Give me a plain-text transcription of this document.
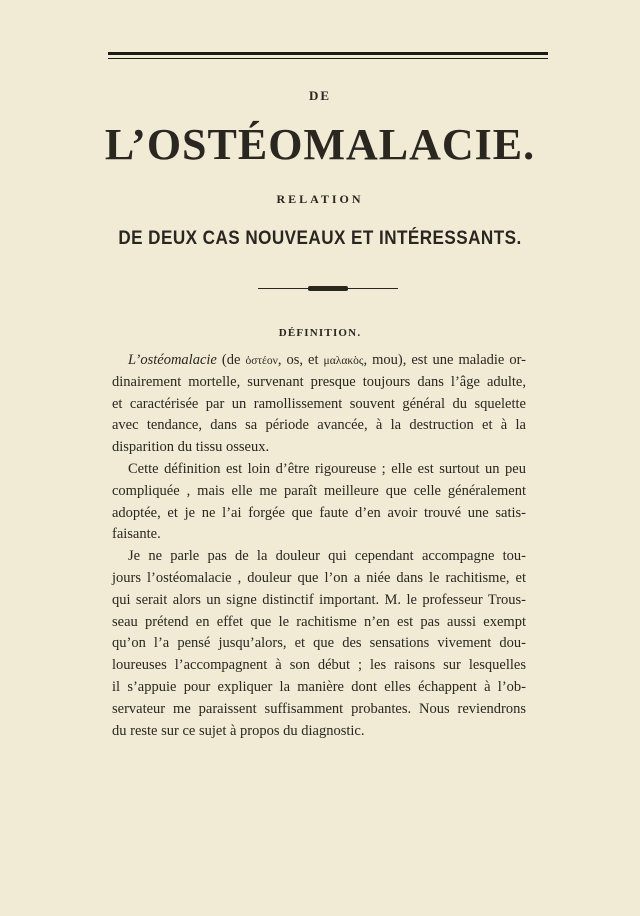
DE
L’OSTÉOMALACIE.
RELATION
DE DEUX CAS NOUVEAUX ET INTÉRESSANTS.
DÉFINITION.

L’ostéomalacie (de ὀστέον, os, et μαλακὸς, mou), est une maladie or-
dinairement mortelle, survenant presque toujours dans l’âge adulte,
et caractérisée par un ramollissement souvent général du squelette
avec tendance, dans sa période avancée, à la destruction et à la
disparition du tissu osseux.

Cette définition est loin d’être rigoureuse ; elle est surtout un peu
compliquée , mais elle me paraît meilleure que celle généralement
adoptée, et je ne l’ai forgée que faute d’en avoir trouvé une satis-
faisante.

Je ne parle pas de la douleur qui cependant accompagne tou-
jours l’ostéomalacie , douleur que l’on a niée dans le rachitisme, et
qui serait alors un signe distinctif important. M. le professeur Trous-
seau prétend en effet que le rachitisme n’en est pas aussi exempt
qu’on l’a pensé jusqu’alors, et que des sensations vivement dou-
loureuses l’accompagnent à son début ; les raisons sur lesquelles
il s’appuie pour expliquer la manière dont elles échappent à l’ob-
servateur me paraissent suffisamment probantes. Nous reviendrons
du reste sur ce sujet à propos du diagnostic.
